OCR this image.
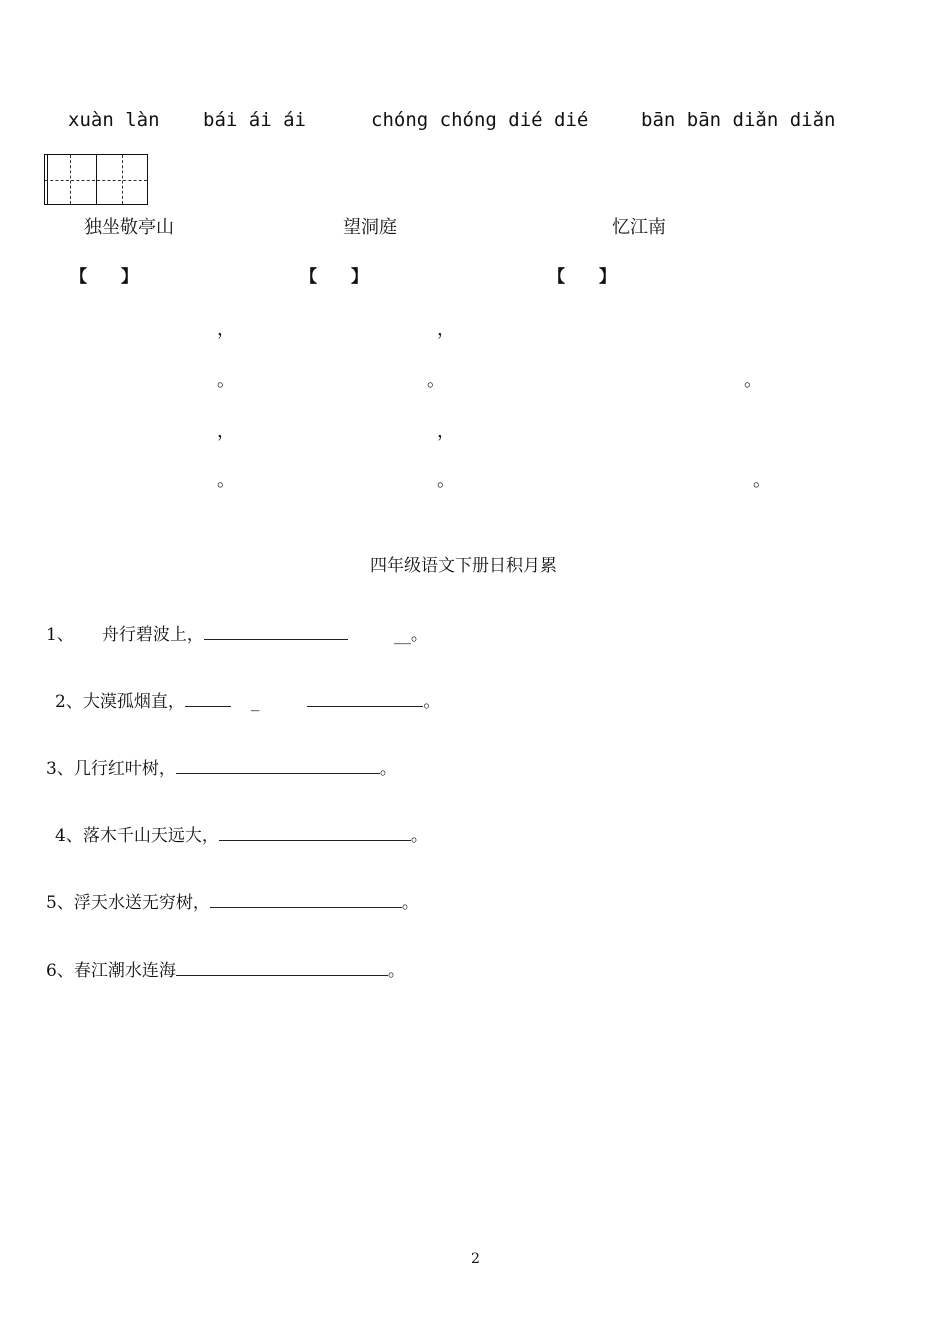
xuàn làn bái ái ái	chóng chóng dié dié	bān bān diǎn diǎn
独坐敬亭山	望洞庭	忆江南
【　　】	【　　】	【　　】
，	，
。	。	。
，	，
。	。	。
四年级语文下册日积月累
1、 舟行碧波上，	__。
2、大漠孤烟直，	_	。
3、几行红叶树，	。
4、落木千山天远大，	。
5、浮天水送无穷树，	。
6、春江潮水连海	。
2
